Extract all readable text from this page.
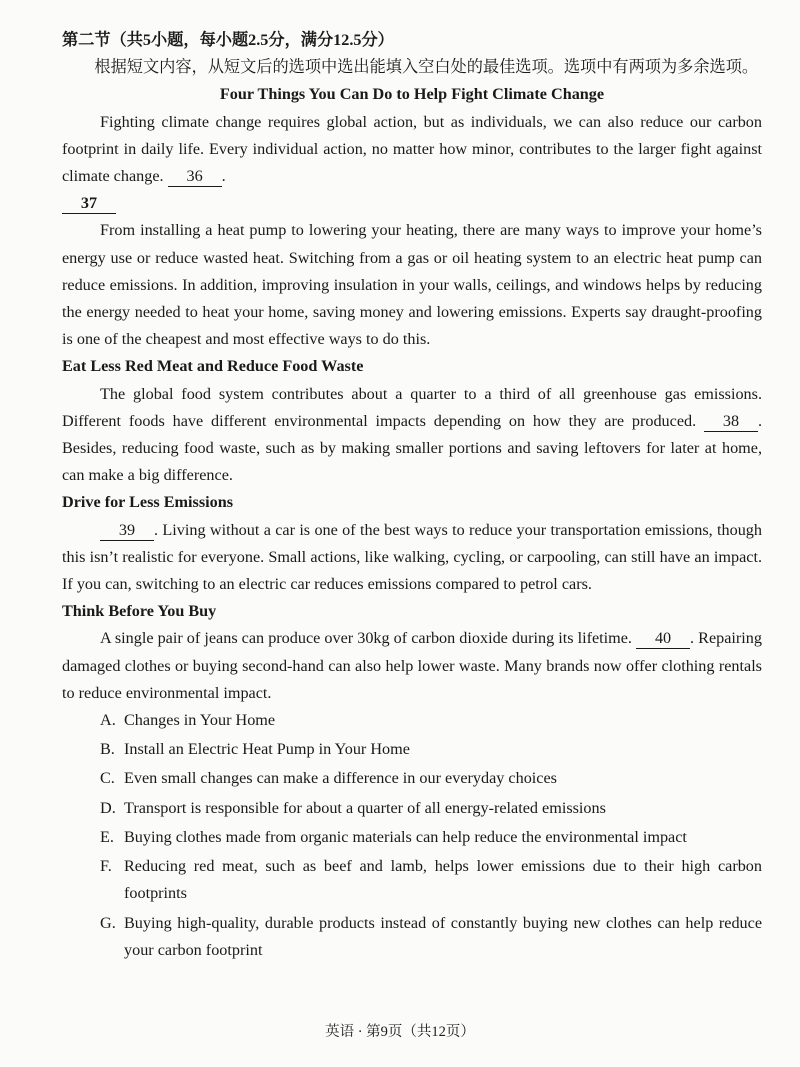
第二节（共5小题，每小题2.5分，满分12.5分）

根据短文内容，从短文后的选项中选出能填入空白处的最佳选项。选项中有两项为多余选项。

Four Things You Can Do to Help Fight Climate Change

Fighting climate change requires global action, but as individuals, we can also reduce our carbon footprint in daily life. Every individual action, no matter how minor, contributes to the larger fight against climate change. 36 .

37

From installing a heat pump to lowering your heating, there are many ways to improve your home’s energy use or reduce wasted heat. Switching from a gas or oil heating system to an electric heat pump can reduce emissions. In addition, improving insulation in your walls, ceilings, and windows helps by reducing the energy needed to heat your home, saving money and lowering emissions. Experts say draught-proofing is one of the cheapest and most effective ways to do this.

Eat Less Red Meat and Reduce Food Waste

The global food system contributes about a quarter to a third of all greenhouse gas emissions. Different foods have different environmental impacts depending on how they are produced. 38 . Besides, reducing food waste, such as by making smaller portions and saving leftovers for later at home, can make a big difference.

Drive for Less Emissions

39 . Living without a car is one of the best ways to reduce your transportation emissions, though this isn’t realistic for everyone. Small actions, like walking, cycling, or carpooling, can still have an impact. If you can, switching to an electric car reduces emissions compared to petrol cars.

Think Before You Buy

A single pair of jeans can produce over 30kg of carbon dioxide during its lifetime. 40 . Repairing damaged clothes or buying second-hand can also help lower waste. Many brands now offer clothing rentals to reduce environmental impact.

A. Changes in Your Home
B. Install an Electric Heat Pump in Your Home
C. Even small changes can make a difference in our everyday choices
D. Transport is responsible for about a quarter of all energy-related emissions
E. Buying clothes made from organic materials can help reduce the environmental impact
F. Reducing red meat, such as beef and lamb, helps lower emissions due to their high carbon footprints
G. Buying high-quality, durable products instead of constantly buying new clothes can help reduce your carbon footprint
英语 · 第9页（共12页）
